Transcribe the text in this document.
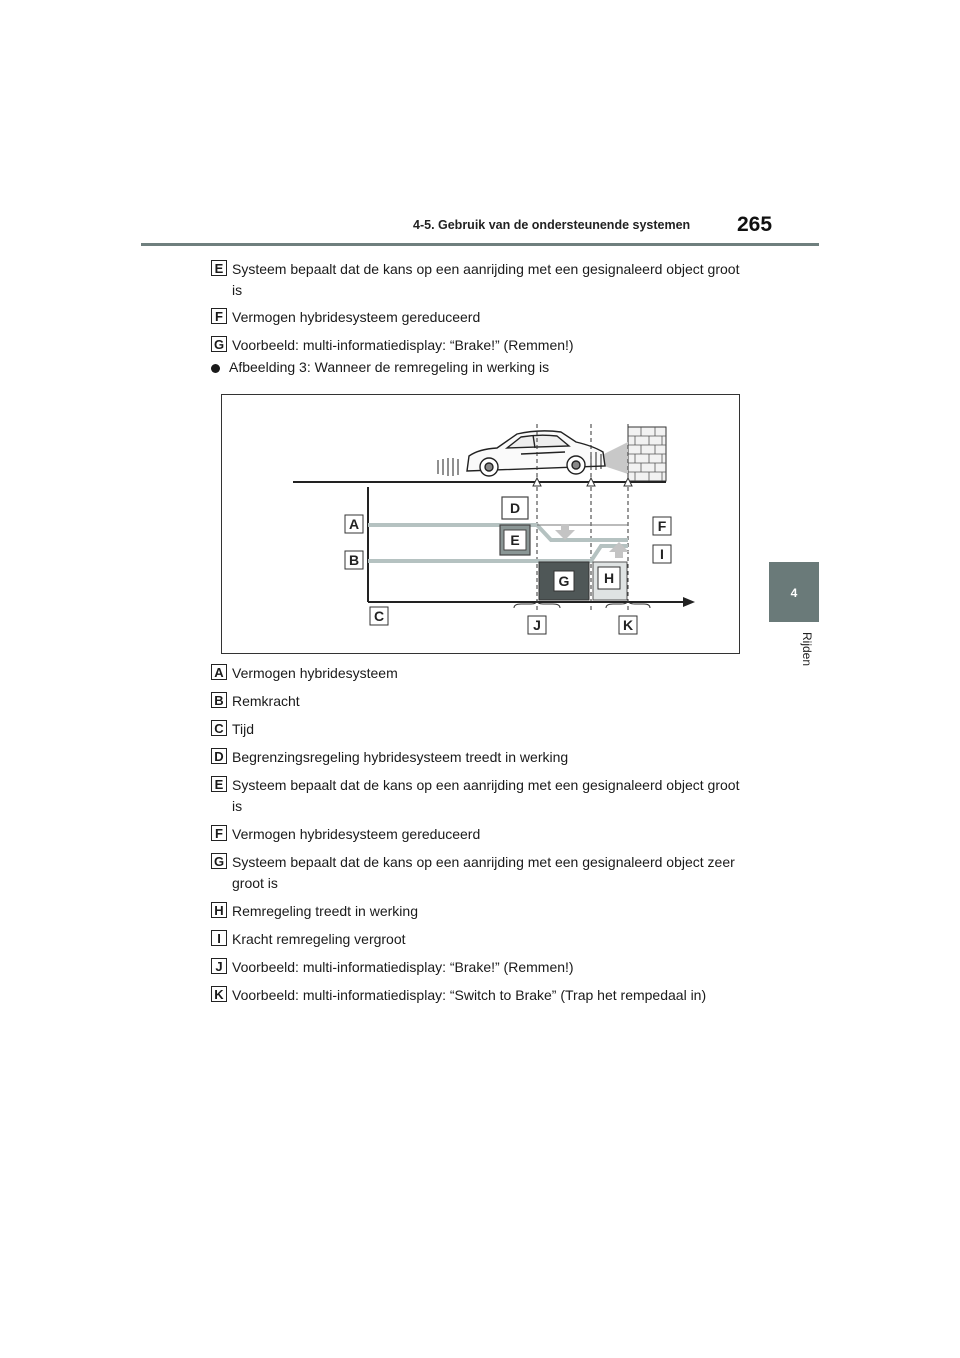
4-5. Gebruik van de ondersteunende systemen 265
4
Rijden
E Systeem bepaalt dat de kans op een aanrijding met een gesignaleerd object groot is
F Vermogen hybridesysteem gereduceerd
G Voorbeeld: multi-informatiedisplay: “Brake!” (Remmen!)
Afbeelding 3: Wanneer de remregeling in werking is
D
E
G H
A
B
C
F
I
J	K
A Vermogen hybridesysteem
B Remkracht
C Tijd
D Begrenzingsregeling hybridesysteem treedt in werking
E Systeem bepaalt dat de kans op een aanrijding met een gesignaleerd object groot is
F Vermogen hybridesysteem gereduceerd
G Systeem bepaalt dat de kans op een aanrijding met een gesignaleerd object zeer groot is
H Remregeling treedt in werking
I Kracht remregeling vergroot
J Voorbeeld: multi-informatiedisplay: “Brake!” (Remmen!)
K Voorbeeld: multi-informatiedisplay: “Switch to Brake” (Trap het rempedaal in)
